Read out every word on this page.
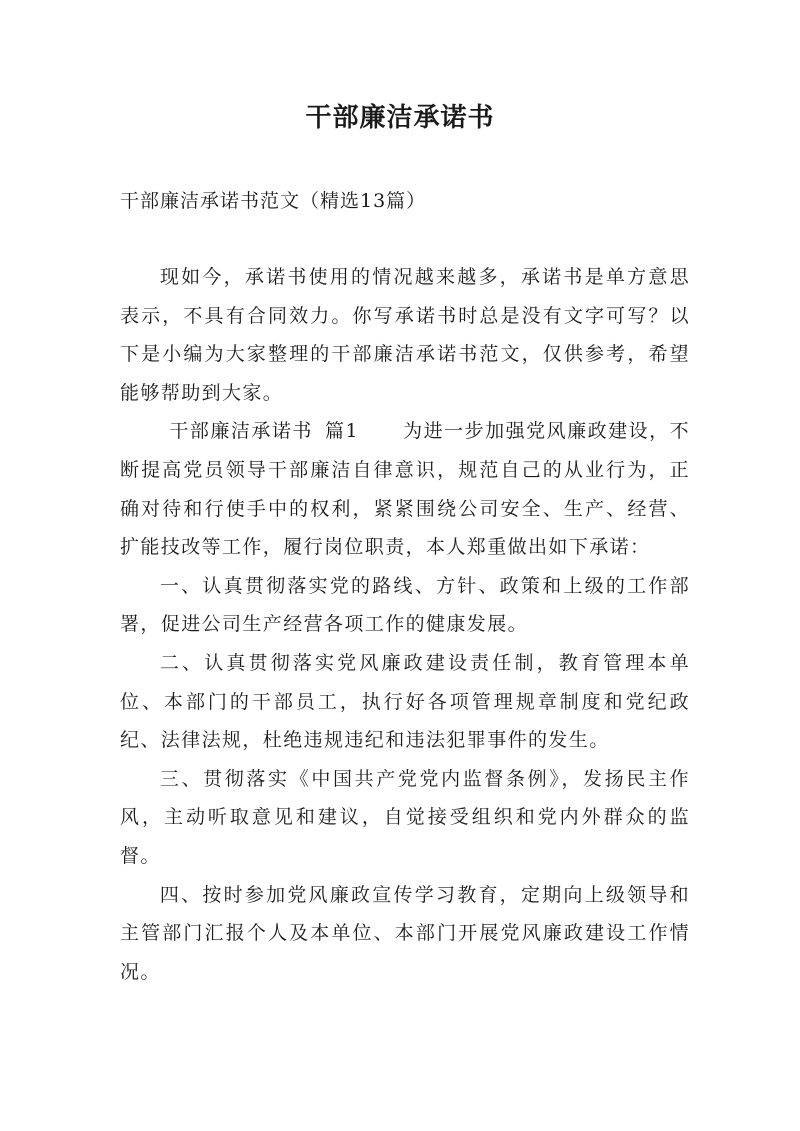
干部廉洁承诺书
干部廉洁承诺书范文（精选13篇）

现如今，承诺书使用的情况越来越多，承诺书是单方意思表示，不具有合同效力。你写承诺书时总是没有文字可写？以下是小编为大家整理的干部廉洁承诺书范文，仅供参考，希望能够帮助到大家。

干部廉洁承诺书 篇1 为进一步加强党风廉政建设，不断提高党员领导干部廉洁自律意识，规范自己的从业行为，正确对待和行使手中的权利，紧紧围绕公司安全、生产、经营、扩能技改等工作，履行岗位职责，本人郑重做出如下承诺：

一、认真贯彻落实党的路线、方针、政策和上级的工作部署，促进公司生产经营各项工作的健康发展。

二、认真贯彻落实党风廉政建设责任制，教育管理本单位、本部门的干部员工，执行好各项管理规章制度和党纪政纪、法律法规，杜绝违规违纪和违法犯罪事件的发生。

三、贯彻落实《中国共产党党内监督条例》，发扬民主作风，主动听取意见和建议，自觉接受组织和党内外群众的监督。

四、按时参加党风廉政宣传学习教育，定期向上级领导和主管部门汇报个人及本单位、本部门开展党风廉政建设工作情况。
